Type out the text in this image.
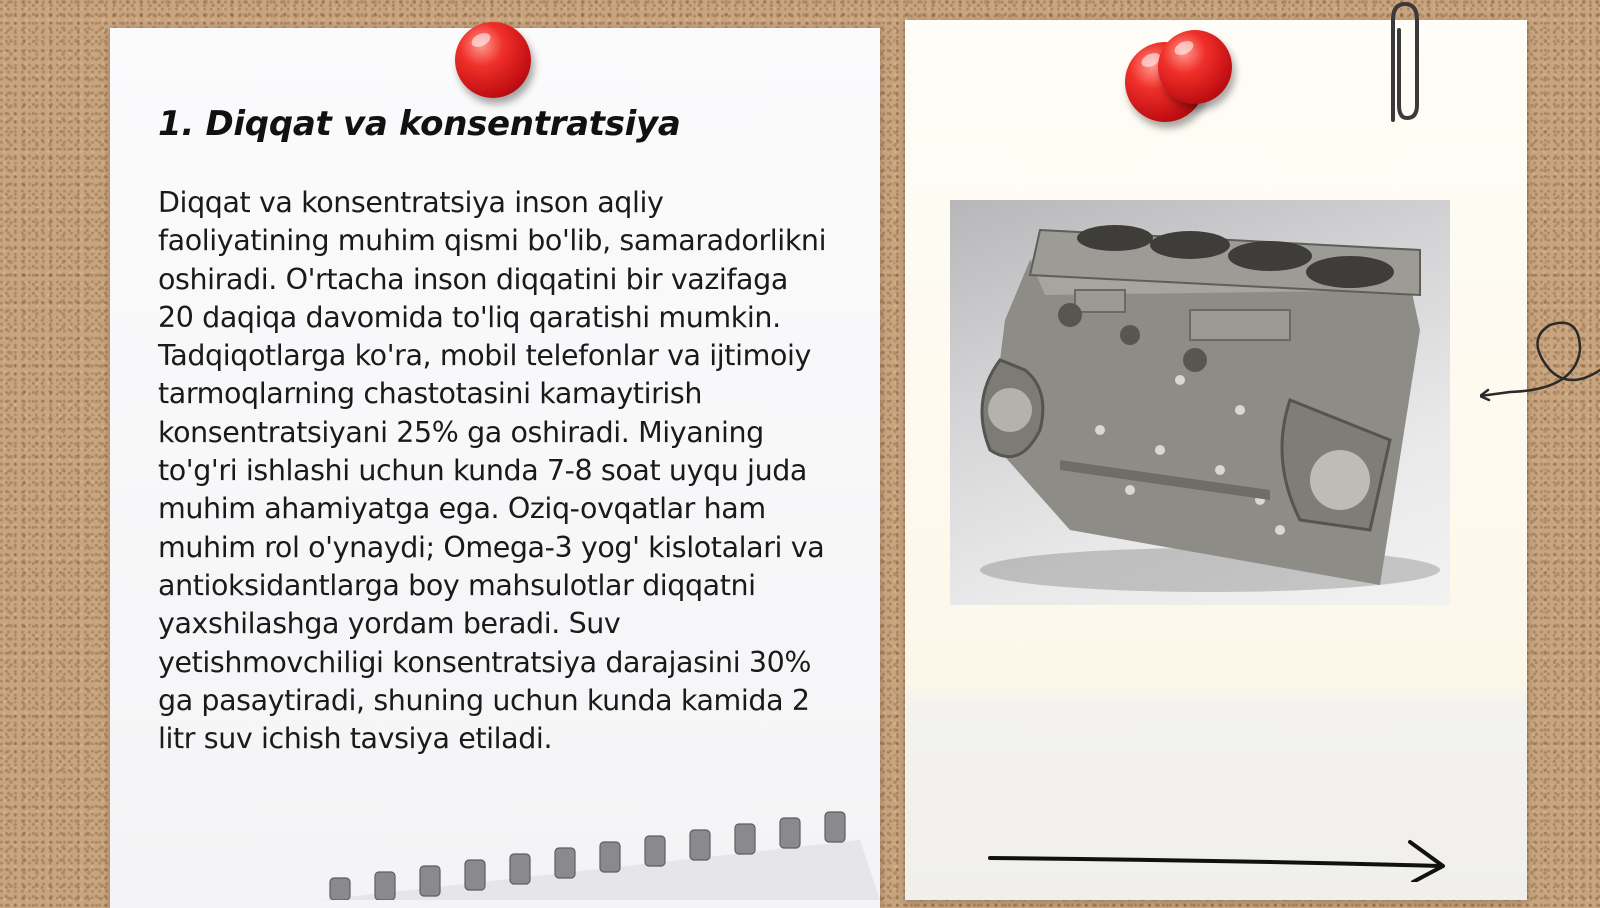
1. Diqqat va konsentratsiya

Diqqat va konsentratsiya inson aqliy faoliyatining muhim qismi bo'lib, samaradorlikni oshiradi. O'rtacha inson diqqatini bir vazifaga 20 daqiqa davomida to'liq qaratishi mumkin. Tadqiqotlarga ko'ra, mobil telefonlar va ijtimoiy tarmoqlarning chastotasini kamaytirish konsentratsiyani 25% ga oshiradi. Miyaning to'g'ri ishlashi uchun kunda 7-8 soat uyqu juda muhim ahamiyatga ega. Oziq-ovqatlar ham muhim rol o'ynaydi; Omega-3 yog' kislotalari va antioksidantlarga boy mahsulotlar diqqatni yaxshilashga yordam beradi. Suv yetishmovchiligi konsentratsiya darajasini 30% ga pasaytiradi, shuning uchun kunda kamida 2 litr suv ichish tavsiya etiladi.
